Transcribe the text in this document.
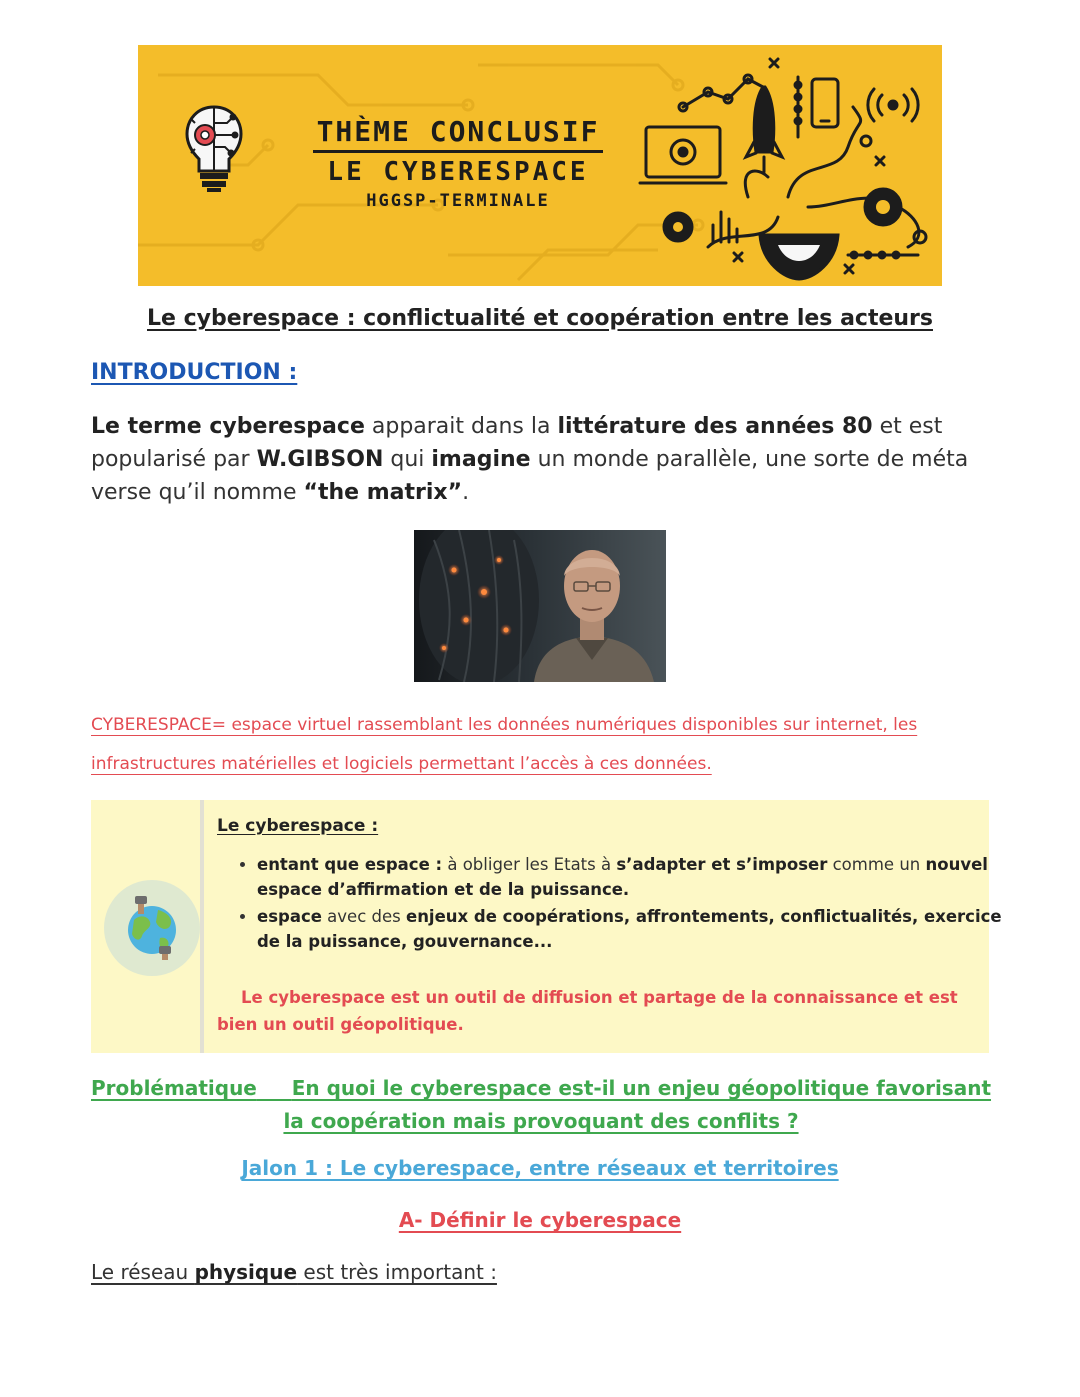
THÈME CONCLUSIF
LE CYBERESPACE
HGGSP-TERMINALE
Le cyberespace : conflictualité et coopération entre les acteurs
INTRODUCTION :
Le terme cyberespace apparait dans la littérature des années 80 et est popularisé par W.GIBSON qui imagine un monde parallèle, une sorte de méta verse qu’il nomme “the matrix”.
CYBERESPACE= espace virtuel rassemblant les données numériques disponibles sur internet, les infrastructures matérielles et logiciels permettant l’accès à ces données.
Le cyberespace :
• entant que espace : à obliger les Etats à s’adapter et s’imposer comme un nouvel espace d’affirmation et de la puissance.
• espace avec des enjeux de coopérations, affrontements, conflictualités, exercice de la puissance, gouvernance...
Le cyberespace est un outil de diffusion et partage de la connaissance et est bien un outil géopolitique.
Problématique En quoi le cyberespace est-il un enjeu géopolitique favorisant la coopération mais provoquant des conflits ?
Jalon 1 : Le cyberespace, entre réseaux et territoires
A- Définir le cyberespace
Le réseau physique est très important :
